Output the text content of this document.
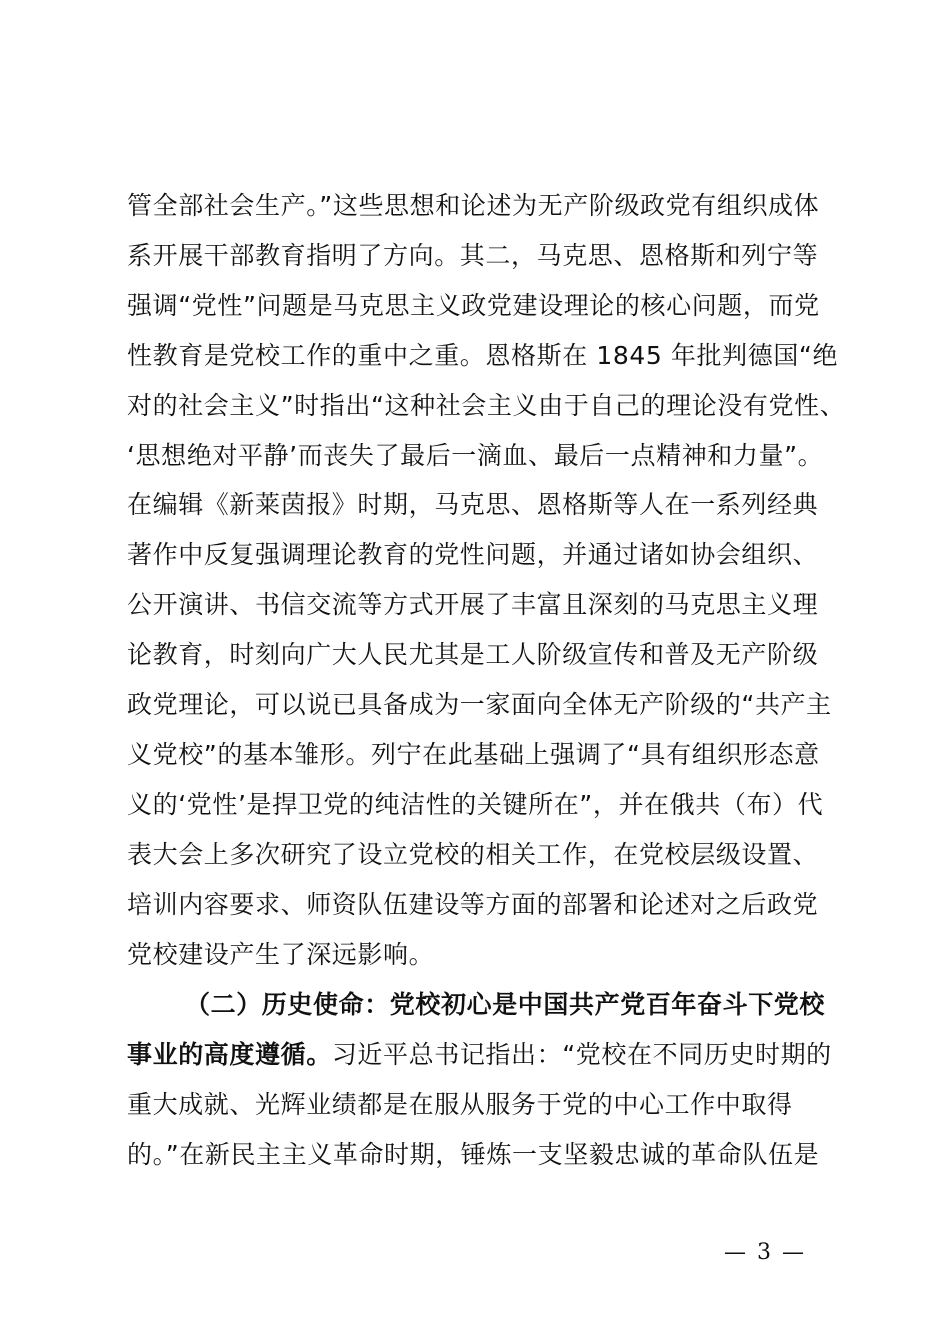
管全部社会生产。”这些思想和论述为无产阶级政党有组织成体
系开展干部教育指明了方向。其二，马克思、恩格斯和列宁等
强调“党性”问题是马克思主义政党建设理论的核心问题，而党
性教育是党校工作的重中之重。恩格斯在 1845 年批判德国“绝
对的社会主义”时指出“这种社会主义由于自己的理论没有党性、
‘思想绝对平静’而丧失了最后一滴血、最后一点精神和力量”。
在编辑《新莱茵报》时期，马克思、恩格斯等人在一系列经典
著作中反复强调理论教育的党性问题，并通过诸如协会组织、
公开演讲、书信交流等方式开展了丰富且深刻的马克思主义理
论教育，时刻向广大人民尤其是工人阶级宣传和普及无产阶级
政党理论，可以说已具备成为一家面向全体无产阶级的“共产主
义党校”的基本雏形。列宁在此基础上强调了“具有组织形态意
义的‘党性’是捍卫党的纯洁性的关键所在”，并在俄共（布）代
表大会上多次研究了设立党校的相关工作，在党校层级设置、
培训内容要求、师资队伍建设等方面的部署和论述对之后政党
党校建设产生了深远影响。
（二）历史使命：党校初心是中国共产党百年奋斗下党校
事业的高度遵循。习近平总书记指出：“党校在不同历史时期的
重大成就、光辉业绩都是在服从服务于党的中心工作中取得
的。”在新民主主义革命时期，锤炼一支坚毅忠诚的革命队伍是
— 3 —
